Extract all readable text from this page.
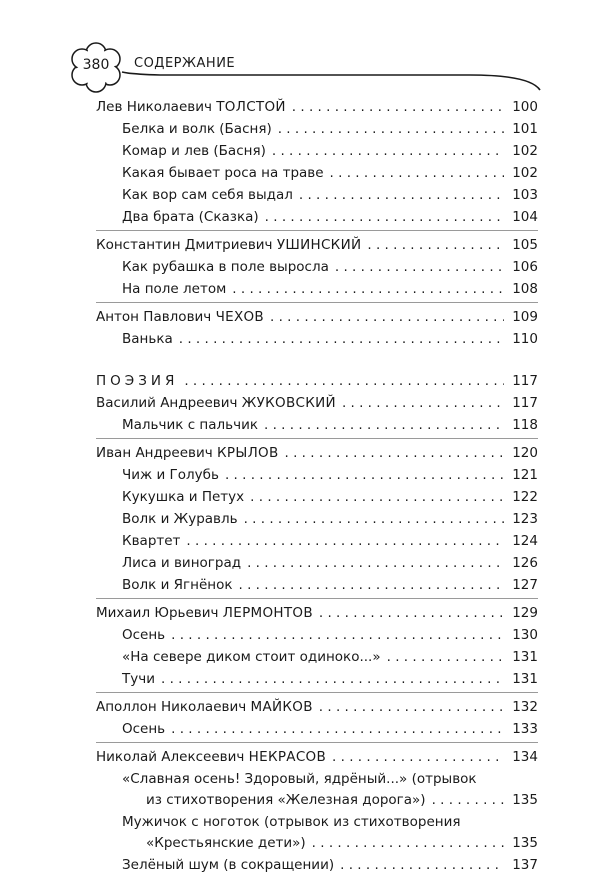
380	СОДЕРЖАНИЕ
Лев Николаевич ТОЛСТОЙ . . .	100
Белка и волк (Басня) . . .	101
Комар и лев (Басня) . . .	102
Какая бывает роса на траве . . .	102
Как вор сам себя выдал . . .	103
Два брата (Сказка) . . .	104
Константин Дмитриевич УШИНСКИЙ . . .	105
Как рубашка в поле выросла . . .	106
На поле летом . . .	108
Антон Павлович ЧЕХОВ . . .	109
Ванька . . .	110
ПОЭЗИЯ . . .	117
Василий Андреевич ЖУКОВСКИЙ . . .	117
Мальчик с пальчик . . .	118
Иван Андреевич КРЫЛОВ . . .	120
Чиж и Голубь . . .	121
Кукушка и Петух . . .	122
Волк и Журавль . . .	123
Квартет . . .	124
Лиса и виноград . . .	126
Волк и Ягнёнок . . .	127
Михаил Юрьевич ЛЕРМОНТОВ . . .	129
Осень . . .	130
«На севере диком стоит одиноко...» . . .	131
Тучи . . .	131
Аполлон Николаевич МАЙКОВ . . .	132
Осень . . .	133
Николай Алексеевич НЕКРАСОВ . . .	134
«Славная осень! Здоровый, ядрёный...» (отрывок
из стихотворения «Железная дорога») . . .	135
Мужичок с ноготок (отрывок из стихотворения
«Крестьянские дети») . . .	135
Зелёный шум (в сокращении) . . .	137
